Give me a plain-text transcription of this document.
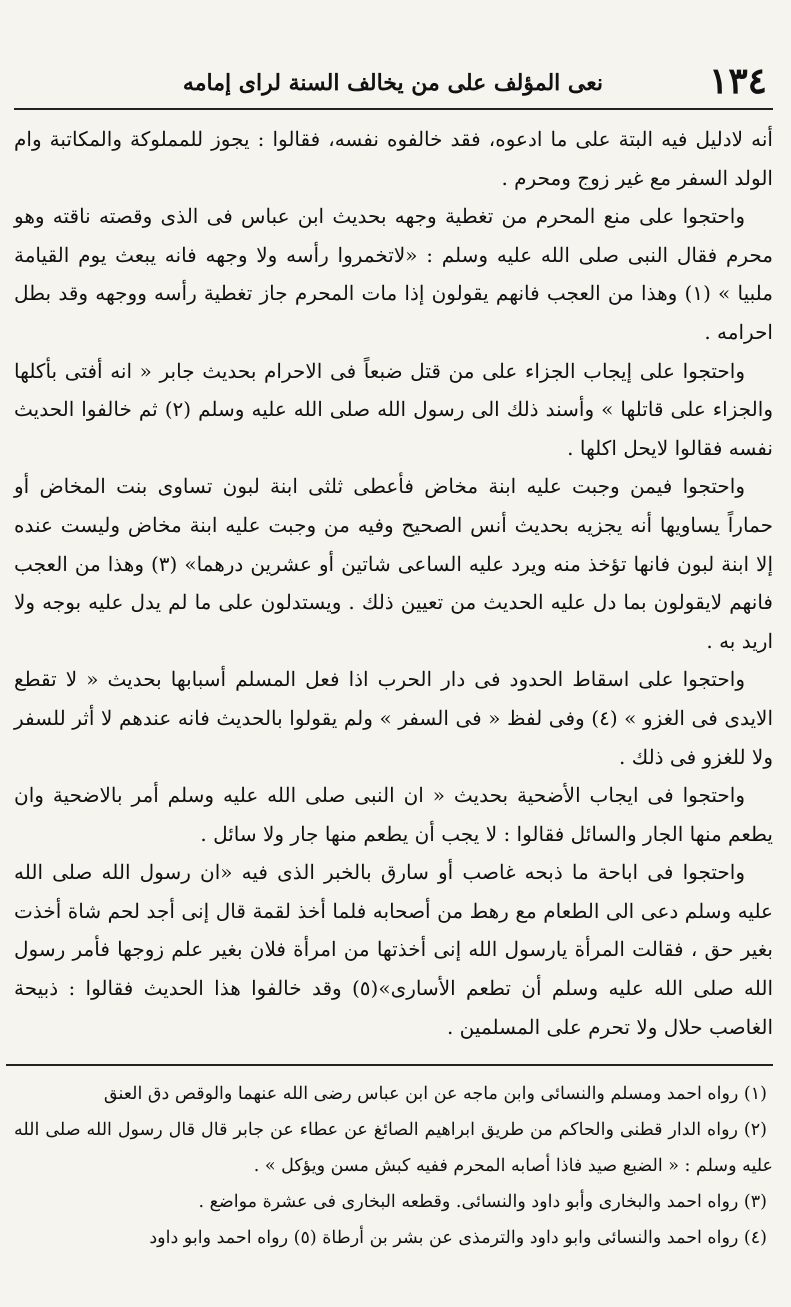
١٣٤
نعى المؤلف على من يخالف السنة لراى إمامه

أنه لادليل فيه البتة على ما ادعوه، فقد خالفوه نفسه، فقالوا : يجوز للمملوكة والمكاتبة وام الولد السفر مع غير زوج ومحرم .

واحتجوا على منع المحرم من تغطية وجهه بحديث ابن عباس فى الذى وقصته ناقته وهو محرم فقال النبى صلى الله عليه وسلم : «لاتخمروا رأسه ولا وجهه فانه يبعث يوم القيامة ملبيا » (١) وهذا من العجب فانهم يقولون إذا مات المحرم جاز تغطية رأسه ووجهه وقد بطل احرامه .

واحتجوا على إيجاب الجزاء على من قتل ضبعاً فى الاحرام بحديث جابر « انه أفتى بأكلها والجزاء على قاتلها » وأسند ذلك الى رسول الله صلى الله عليه وسلم (٢) ثم خالفوا الحديث نفسه فقالوا لايحل اكلها .

واحتجوا فيمن وجبت عليه ابنة مخاض فأعطى ثلثى ابنة لبون تساوى بنت المخاض أو حماراً يساويها أنه يجزيه بحديث أنس الصحيح وفيه من وجبت عليه ابنة مخاض وليست عنده إلا ابنة لبون فانها تؤخذ منه ويرد عليه الساعى شاتين أو عشرين درهما» (٣) وهذا من العجب فانهم لايقولون بما دل عليه الحديث من تعيين ذلك . ويستدلون على ما لم يدل عليه بوجه ولا اريد به .

واحتجوا على اسقاط الحدود فى دار الحرب اذا فعل المسلم أسبابها بحديث « لا تقطع الايدى فى الغزو » (٤) وفى لفظ « فى السفر » ولم يقولوا بالحديث فانه عندهم لا أثر للسفر ولا للغزو فى ذلك .

واحتجوا فى ايجاب الأضحية بحديث « ان النبى صلى الله عليه وسلم أمر بالاضحية وان يطعم منها الجار والسائل فقالوا : لا يجب أن يطعم منها جار ولا سائل .

واحتجوا فى اباحة ما ذبحه غاصب أو سارق بالخبر الذى فيه «ان رسول الله صلى الله عليه وسلم دعى الى الطعام مع رهط من أصحابه فلما أخذ لقمة قال إنى أجد لحم شاة أخذت بغير حق ، فقالت المرأة يارسول الله إنى أخذتها من امرأة فلان بغير علم زوجها فأمر رسول الله صلى الله عليه وسلم أن تطعم الأسارى»(٥) وقد خالفوا هذا الحديث فقالوا : ذبيحة الغاصب حلال ولا تحرم على المسلمين .

(١) رواه احمد ومسلم والنسائى وابن ماجه عن ابن عباس رضى الله عنهما والوقص دق العنق

(٢) رواه الدار قطنى والحاكم من طريق ابراهيم الصائغ عن عطاء عن جابر قال قال رسول الله صلى الله عليه وسلم : « الضبع صيد فاذا أصابه المحرم ففيه كبش مسن ويؤكل » .

(٣) رواه احمد والبخارى وأبو داود والنسائى. وقطعه البخارى فى عشرة مواضع .

(٤) رواه احمد والنسائى وابو داود والترمذى عن بشر بن أرطاة (٥) رواه احمد وابو داود
